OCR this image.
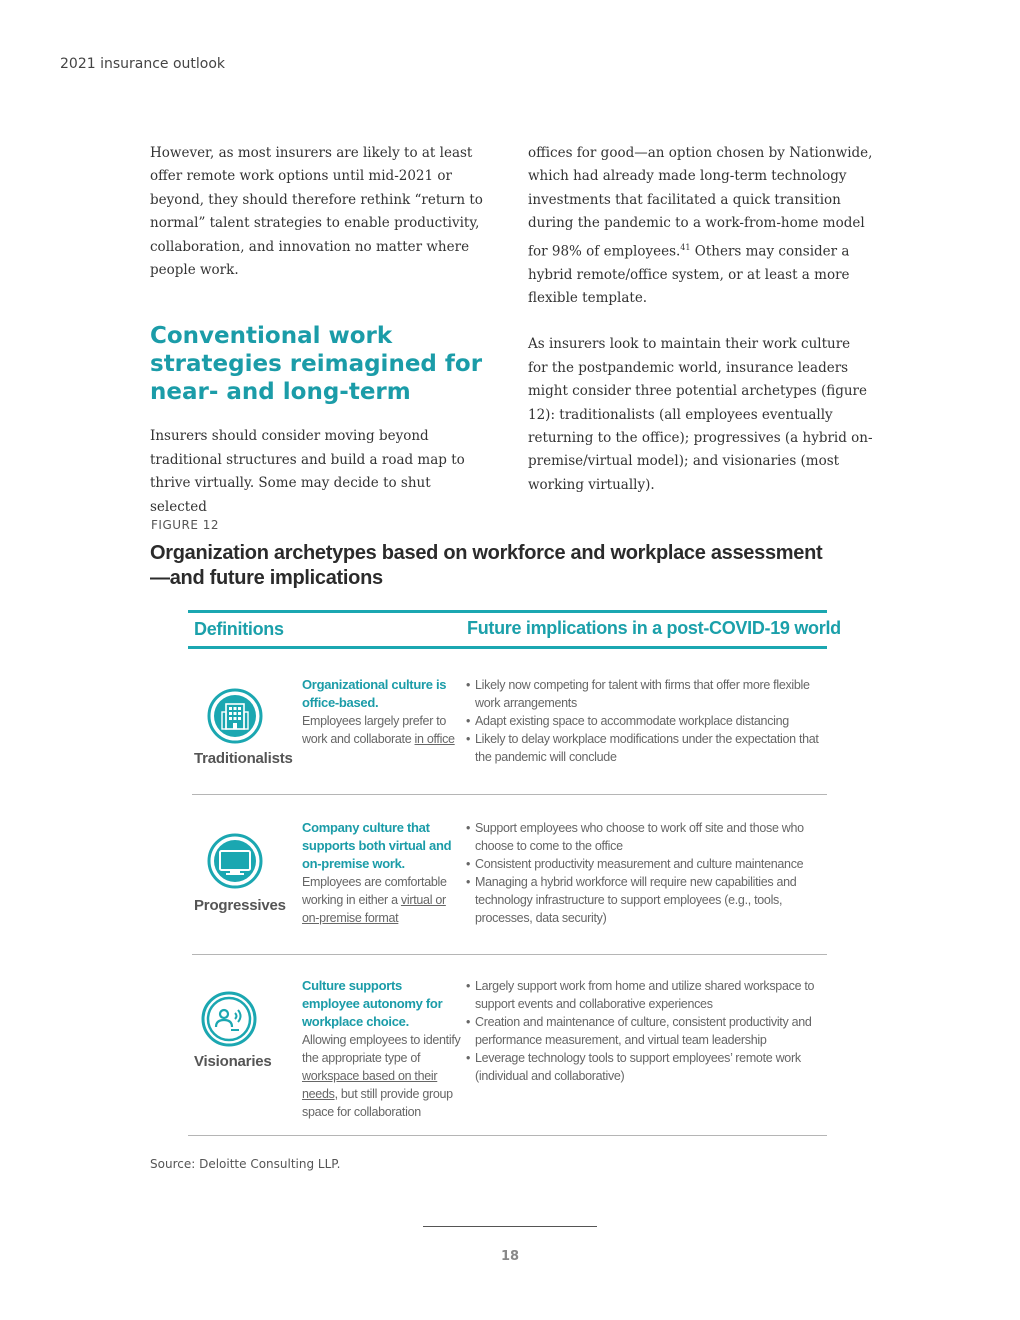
2021 insurance outlook

However, as most insurers are likely to at least offer remote work options until mid-2021 or beyond, they should therefore rethink “return to normal” talent strategies to enable productivity, collaboration, and innovation no matter where people work.

Conventional work strategies reimagined for near- and long-term

Insurers should consider moving beyond traditional structures and build a road map to thrive virtually. Some may decide to shut selected

offices for good—an option chosen by Nationwide, which had already made long-term technology investments that facilitated a quick transition during the pandemic to a work-from-home model for 98% of employees.$^{41}$ Others may consider a hybrid remote/office system, or at least a more flexible template.

As insurers look to maintain their work culture for the postpandemic world, insurance leaders might consider three potential archetypes (figure 12): traditionalists (all employees eventually returning to the office); progressives (a hybrid on-premise/virtual model); and visionaries (most working virtually).

FIGURE 12
Organization archetypes based on workforce and workplace assessment—and future implications
Definitions	Future implications in a post-COVID-19 world
Traditionalists
Organizational culture is office-based.
Employees largely prefer to work and collaborate in office
• Likely now competing for talent with firms that offer more flexible work arrangements
• Adapt existing space to accommodate workplace distancing
• Likely to delay workplace modifications under the expectation that the pandemic will conclude
Progressives
Company culture that supports both virtual and on-premise work.
Employees are comfortable working in either a virtual or on-premise format
• Support employees who choose to work off site and those who choose to come to the office
• Consistent productivity measurement and culture maintenance
• Managing a hybrid workforce will require new capabilities and technology infrastructure to support employees (e.g., tools, processes, data security)
Visionaries
Culture supports employee autonomy for workplace choice.
Allowing employees to identify the appropriate type of workspace based on their needs, but still provide group space for collaboration
• Largely support work from home and utilize shared workspace to support events and collaborative experiences
• Creation and maintenance of culture, consistent productivity and performance measurement, and virtual team leadership
• Leverage technology tools to support employees’ remote work (individual and collaborative)
Source: Deloitte Consulting LLP.
18
